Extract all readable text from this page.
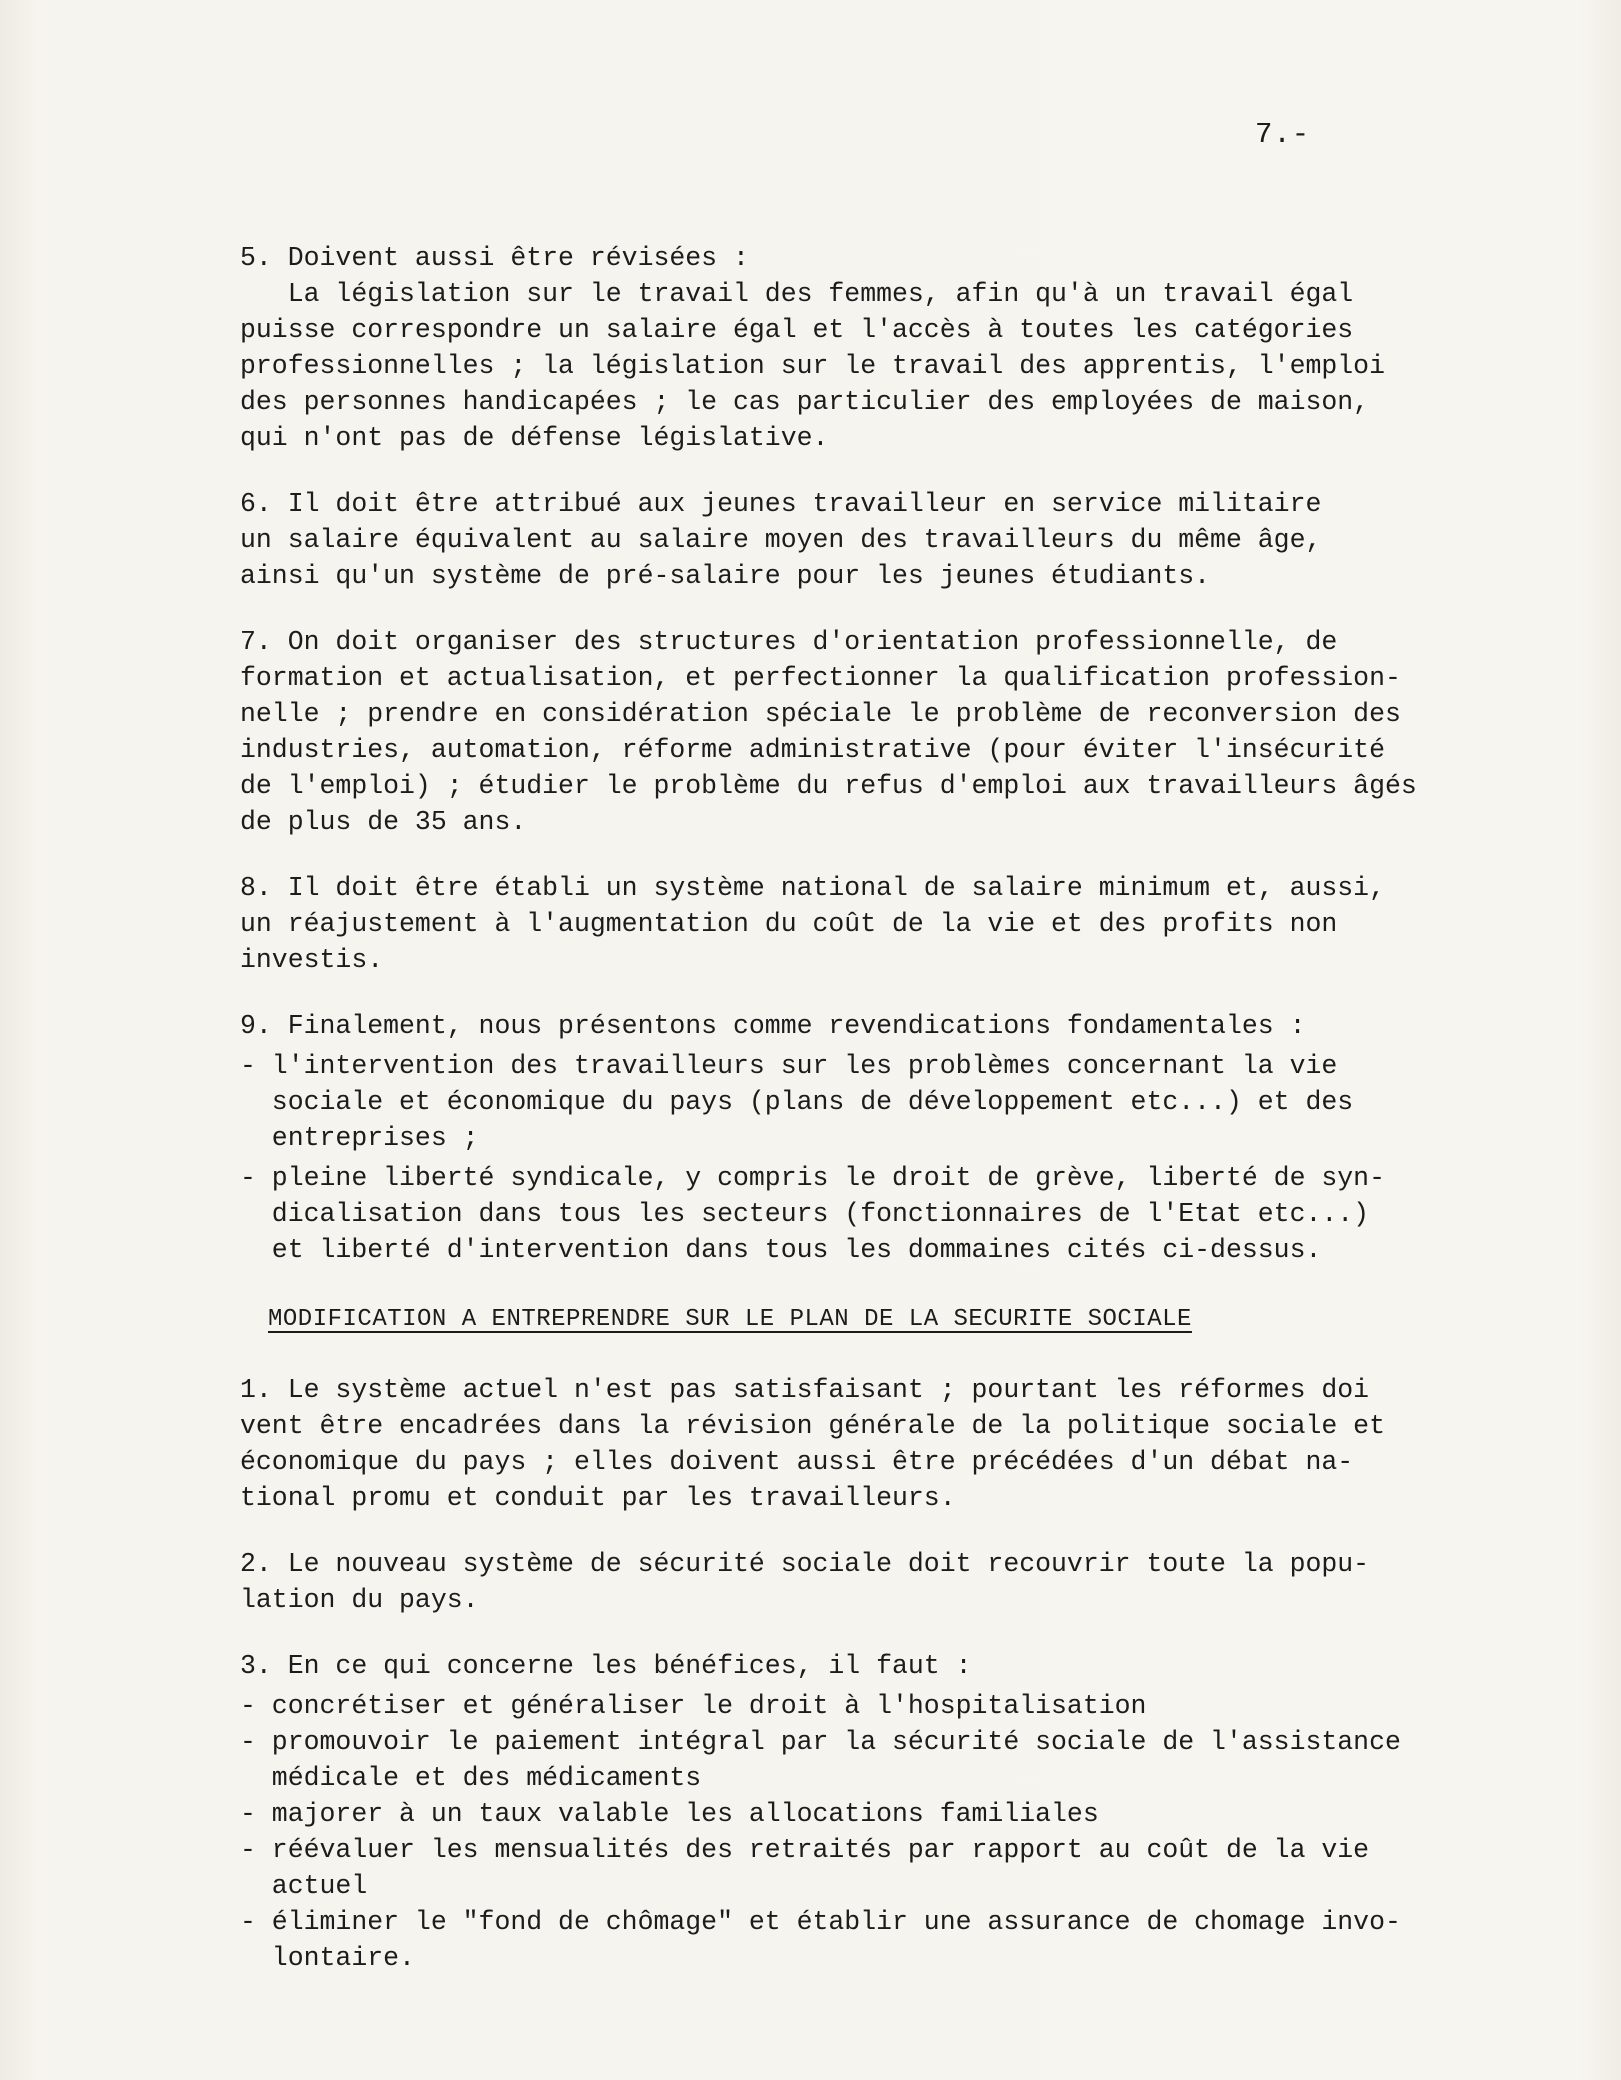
7.-
5. Doivent aussi être révisées :
La législation sur le travail des femmes, afin qu'à un travail égal
puisse correspondre un salaire égal et l'accès à toutes les catégories
professionnelles ; la législation sur le travail des apprentis, l'emploi
des personnes handicapées ; le cas particulier des employées de maison,
qui n'ont pas de défense législative.
6. Il doit être attribué aux jeunes travailleur en service militaire
un salaire équivalent au salaire moyen des travailleurs du même âge,
ainsi qu'un système de pré-salaire pour les jeunes étudiants.
7. On doit organiser des structures d'orientation professionnelle, de
formation et actualisation, et perfectionner la qualification profession-
nelle ; prendre en considération spéciale le problème de reconversion des
industries, automation, réforme administrative (pour éviter l'insécurité
de l'emploi) ; étudier le problème du refus d'emploi aux travailleurs âgés
de plus de 35 ans.
8. Il doit être établi un système national de salaire minimum et, aussi,
un réajustement à l'augmentation du coût de la vie et des profits non
investis.
9. Finalement, nous présentons comme revendications fondamentales :
- l'intervention des travailleurs sur les problèmes concernant la vie
sociale et économique du pays (plans de développement etc...) et des
entreprises ;
- pleine liberté syndicale, y compris le droit de grève, liberté de syn-
dicalisation dans tous les secteurs (fonctionnaires de l'Etat etc...)
et liberté d'intervention dans tous les dommaines cités ci-dessus.
MODIFICATION A ENTREPRENDRE SUR LE PLAN DE LA SECURITE SOCIALE
1. Le système actuel n'est pas satisfaisant ; pourtant les réformes doi
vent être encadrées dans la révision générale de la politique sociale et
économique du pays ; elles doivent aussi être précédées d'un débat na-
tional promu et conduit par les travailleurs.
2. Le nouveau système de sécurité sociale doit recouvrir toute la popu-
lation du pays.
3. En ce qui concerne les bénéfices, il faut :
- concrétiser et généraliser le droit à l'hospitalisation
- promouvoir le paiement intégral par la sécurité sociale de l'assistance
médicale et des médicaments
- majorer à un taux valable les allocations familiales
- réévaluer les mensualités des retraités par rapport au coût de la vie
actuel
- éliminer le "fond de chômage" et établir une assurance de chomage invo-
lontaire.
